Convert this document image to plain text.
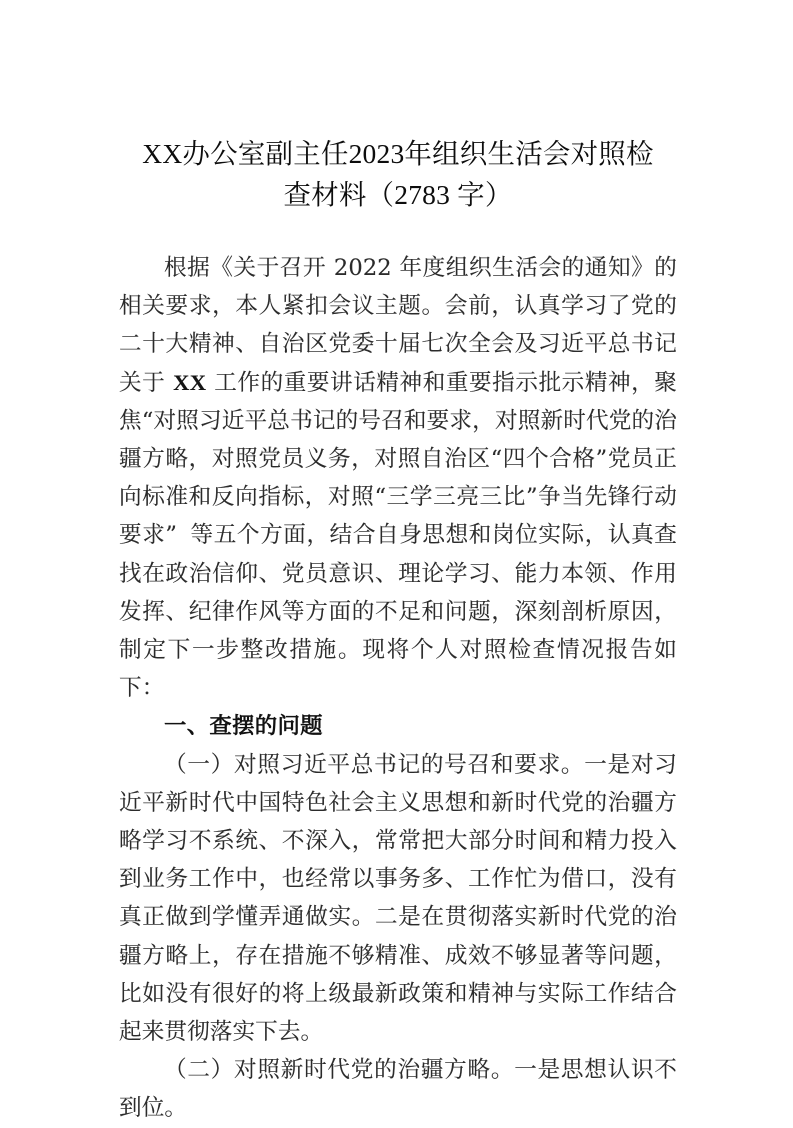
XX办公室副主任2023年组织生活会对照检
查材料（2783 字）

根据《关于召开 2022 年度组织生活会的通知》的相关要求，本人紧扣会议主题。会前，认真学习了党的二十大精神、自治区党委十届七次全会及习近平总书记关于 XX 工作的重要讲话精神和重要指示批示精神，聚焦“对照习近平总书记的号召和要求，对照新时代党的治疆方略，对照党员义务，对照自治区“四个合格”党员正向标准和反向指标，对照“三学三亮三比”争当先锋行动要求” 等五个方面，结合自身思想和岗位实际，认真查找在政治信仰、党员意识、理论学习、能力本领、作用发挥、纪律作风等方面的不足和问题，深刻剖析原因，制定下一步整改措施。现将个人对照检查情况报告如下：

一、查摆的问题

（一）对照习近平总书记的号召和要求。一是对习近平新时代中国特色社会主义思想和新时代党的治疆方略学习不系统、不深入，常常把大部分时间和精力投入到业务工作中，也经常以事务多、工作忙为借口，没有真正做到学懂弄通做实。二是在贯彻落实新时代党的治疆方略上，存在措施不够精准、成效不够显著等问题，比如没有很好的将上级最新政策和精神与实际工作结合起来贯彻落实下去。

（二）对照新时代党的治疆方略。一是思想认识不到位。
